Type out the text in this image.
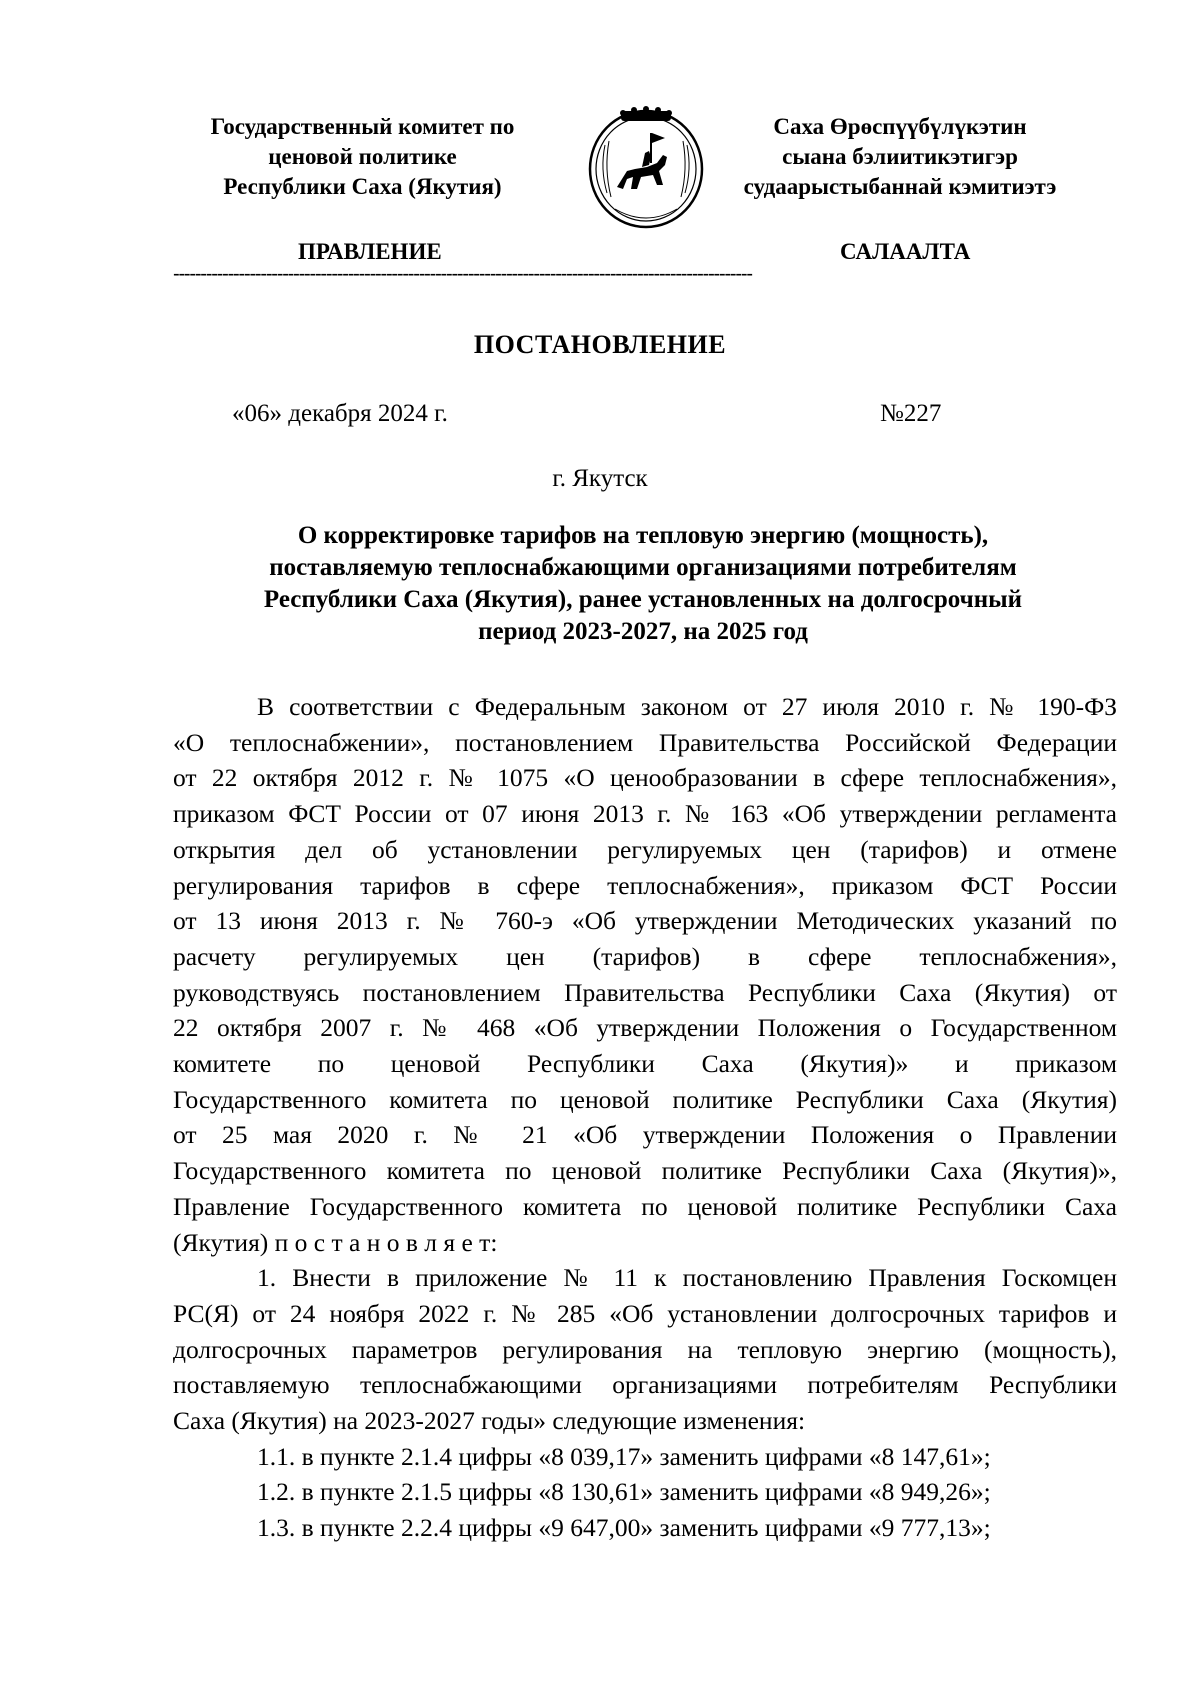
Государственный комитет по
ценовой политике
Республики Саха (Якутия)
Саха Өрөспүүбүлүкэтин
сыана бэлиитикэтигэр
судаарыстыбаннай кэмитиэтэ
ПРАВЛЕНИЕ	САЛААЛТА
----------------------------------------------------------------------------------------------------------
ПОСТАНОВЛЕНИЕ
«06» декабря 2024 г.	№227
г. Якутск
О корректировке тарифов на тепловую энергию (мощность),
поставляемую теплоснабжающими организациями потребителям
Республики Саха (Якутия), ранее установленных на долгосрочный
период 2023-2027, на 2025 год
В соответствии с Федеральным законом от 27 июля 2010 г. № 190-ФЗ
«О теплоснабжении», постановлением Правительства Российской Федерации
от 22 октября 2012 г. № 1075 «О ценообразовании в сфере теплоснабжения»,
приказом ФСТ России от 07 июня 2013 г. № 163 «Об утверждении регламента
открытия дел об установлении регулируемых цен (тарифов) и отмене
регулирования тарифов в сфере теплоснабжения», приказом ФСТ России
от 13 июня 2013 г. № 760-э «Об утверждении Методических указаний по
расчету регулируемых цен (тарифов) в сфере теплоснабжения»,
руководствуясь постановлением Правительства Республики Саха (Якутия) от
22 октября 2007 г. № 468 «Об утверждении Положения о Государственном
комитете по ценовой Республики Саха (Якутия)» и приказом
Государственного комитета по ценовой политике Республики Саха (Якутия)
от 25 мая 2020 г. № 21 «Об утверждении Положения о Правлении
Государственного комитета по ценовой политике Республики Саха (Якутия)»,
Правление Государственного комитета по ценовой политике Республики Саха
(Якутия) п о с т а н о в л я е т:
1. Внести в приложение № 11 к постановлению Правления Госкомцен
РС(Я) от 24 ноября 2022 г. № 285 «Об установлении долгосрочных тарифов и
долгосрочных параметров регулирования на тепловую энергию (мощность),
поставляемую теплоснабжающими организациями потребителям Республики
Саха (Якутия) на 2023-2027 годы» следующие изменения:
1.1. в пункте 2.1.4 цифры «8 039,17» заменить цифрами «8 147,61»;
1.2. в пункте 2.1.5 цифры «8 130,61» заменить цифрами «8 949,26»;
1.3. в пункте 2.2.4 цифры «9 647,00» заменить цифрами «9 777,13»;
